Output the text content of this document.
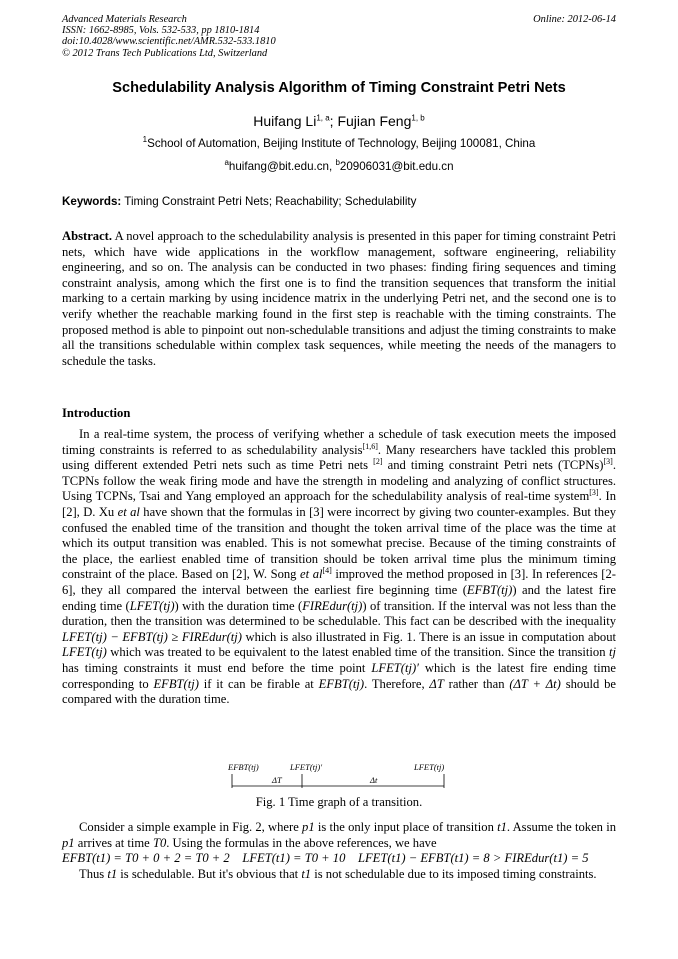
Advanced Materials Research
ISSN: 1662-8985, Vols. 532-533, pp 1810-1814
doi:10.4028/www.scientific.net/AMR.532-533.1810
© 2012 Trans Tech Publications Ltd, Switzerland
Online: 2012-06-14
Schedulability Analysis Algorithm of Timing Constraint Petri Nets
Huifang Li$^{1, a}$; Fujian Feng$^{1, b}$
$^1$School of Automation, Beijing Institute of Technology, Beijing 100081, China
$^a$huifang@bit.edu.cn, $^b$20906031@bit.edu.cn
Keywords: Timing Constraint Petri Nets; Reachability; Schedulability

Abstract. A novel approach to the schedulability analysis is presented in this paper for timing constraint Petri nets, which have wide applications in the workflow management, software engineering, reliability engineering, and so on. The analysis can be conducted in two phases: finding firing sequences and timing constraint analysis, among which the first one is to find the transition sequences that transform the initial marking to a certain marking by using incidence matrix in the underlying Petri net, and the second one is to verify whether the reachable marking found in the first step is reachable with the timing constraints. The proposed method is able to pinpoint out non-schedulable transitions and adjust the timing constraints to make all the transitions schedulable within complex task sequences, while meeting the needs of the managers to schedule the tasks.

Introduction

In a real-time system, the process of verifying whether a schedule of task execution meets the imposed timing constraints is referred to as schedulability analysis[1,6]. Many researchers have tackled this problem using different extended Petri nets such as time Petri nets [2] and timing constraint Petri nets (TCPNs)[3]. TCPNs follow the weak firing mode and have the strength in modeling and analyzing of conflict structures. Using TCPNs, Tsai and Yang employed an approach for the schedulability analysis of real-time system[3]. In [2], D. Xu et al have shown that the formulas in [3] were incorrect by giving two counter-examples. But they confused the enabled time of the transition and thought the token arrival time of the place was the time at which its output transition was enabled. This is not somewhat precise. Because of the timing constraints of the place, the earliest enabled time of transition should be token arrival time plus the minimum timing constraint of the place. Based on [2], W. Song et al[4] improved the method proposed in [3]. In references [2-6], they all compared the interval between the earliest fire beginning time (EFBT(tj)) and the latest fire ending time (LFET(tj)) with the duration time (FIREdur(tj)) of transition. If the interval was not less than the duration, then the transition was determined to be schedulable. This fact can be described with the inequality LFET(tj) − EFBT(tj) ≥ FIREdur(tj) which is also illustrated in Fig. 1. There is an issue in computation about LFET(tj) which was treated to be equivalent to the latest enabled time of the transition. Since the transition tj has timing constraints it must end before the time point LFET(tj)′ which is the latest fire ending time corresponding to EFBT(tj) if it can be firable at EFBT(tj). Therefore, ΔT rather than (ΔT + Δt) should be compared with the duration time.

EFBT(tj)	LFET(tj)′	LFET(tj)
ΔT	Δt
Fig. 1 Time graph of a transition.

Consider a simple example in Fig. 2, where p1 is the only input place of transition t1. Assume the token in p1 arrives at time T0. Using the formulas in the above references, we have

EFBT(t1) = T0 + 0 + 2 = T0 + 2 LFET(t1) = T0 + 10 LFET(t1) − EFBT(t1) = 8 > FIREdur(t1) = 5

Thus t1 is schedulable. But it's obvious that t1 is not schedulable due to its imposed timing constraints.
